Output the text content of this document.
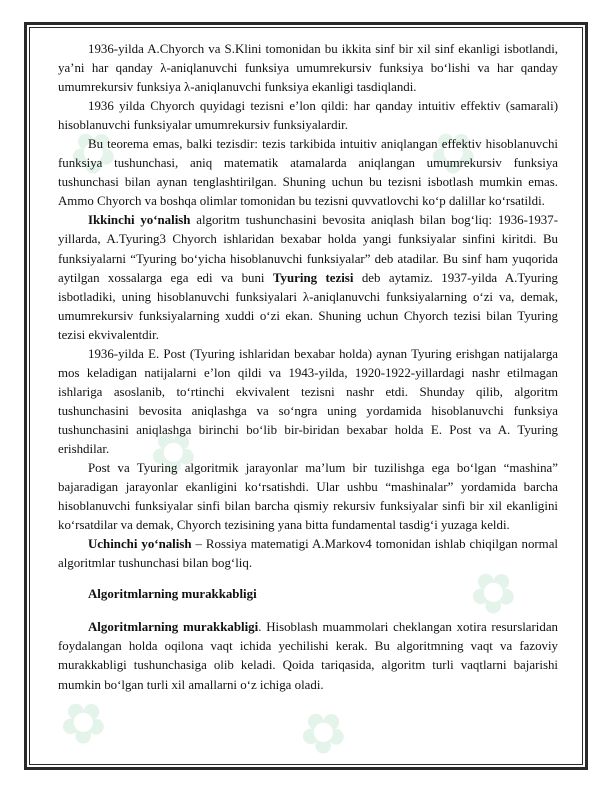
✿	✿
✿
✿
✿	✿

1936-yilda A.Chyorch va S.Klini tomonidan bu ikkita sinf bir xil sinf ekanligi isbotlandi, ya’ni har qanday λ-aniqlanuvchi funksiya umumrekursiv funksiya bo‘lishi va har qanday umumrekursiv funksiya λ-aniqlanuvchi funksiya ekanligi tasdiqlandi.

1936 yilda Chyorch quyidagi tezisni e’lon qildi: har qanday intuitiv effektiv (samarali) hisoblanuvchi funksiyalar umumrekursiv funksiyalardir.

Bu teorema emas, balki tezisdir: tezis tarkibida intuitiv aniqlangan effektiv hisoblanuvchi funksiya tushunchasi, aniq matematik atamalarda aniqlangan umumrekursiv funksiya tushunchasi bilan aynan tenglashtirilgan. Shuning uchun bu tezisni isbotlash mumkin emas. Ammo Chyorch va boshqa olimlar tomonidan bu tezisni quvvatlovchi ko‘p dalillar ko‘rsatildi.

Ikkinchi yo‘nalish algoritm tushunchasini bevosita aniqlash bilan bog‘liq: 1936-1937-yillarda, A.Tyuring3 Chyorch ishlaridan bexabar holda yangi funksiyalar sinfini kiritdi. Bu funksiyalarni “Tyuring bo‘yicha hisoblanuvchi funksiyalar” deb atadilar. Bu sinf ham yuqorida aytilgan xossalarga ega edi va buni Tyuring tezisi deb aytamiz. 1937-yilda A.Tyuring isbotladiki, uning hisoblanuvchi funksiyalari λ-aniqlanuvchi funksiyalarning o‘zi va, demak, umumrekursiv funksiyalarning xuddi o‘zi ekan. Shuning uchun Chyorch tezisi bilan Tyuring tezisi ekvivalentdir.

1936-yilda E. Post (Tyuring ishlaridan bexabar holda) aynan Tyuring erishgan natijalarga mos keladigan natijalarni e’lon qildi va 1943-yilda, 1920-1922-yillardagi nashr etilmagan ishlariga asoslanib, to‘rtinchi ekvivalent tezisni nashr etdi. Shunday qilib, algoritm tushunchasini bevosita aniqlashga va so‘ngra uning yordamida hisoblanuvchi funksiya tushunchasini aniqlashga birinchi bo‘lib bir-biridan bexabar holda E. Post va A. Tyuring erishdilar.

Post va Tyuring algoritmik jarayonlar ma’lum bir tuzilishga ega bo‘lgan “mashina” bajaradigan jarayonlar ekanligini ko‘rsatishdi. Ular ushbu “mashinalar” yordamida barcha hisoblanuvchi funksiyalar sinfi bilan barcha qismiy rekursiv funksiyalar sinfi bir xil ekanligini ko‘rsatdilar va demak, Chyorch tezisining yana bitta fundamental tasdig‘i yuzaga keldi.

Uchinchi yo‘nalish – Rossiya matematigi A.Markov4 tomonidan ishlab chiqilgan normal algoritmlar tushunchasi bilan bog‘liq.

Algoritmlarning murakkabligi

Algoritmlarning murakkabligi. Hisoblash muammolari cheklangan xotira resurslaridan foydalangan holda oqilona vaqt ichida yechilishi kerak. Bu algoritmning vaqt va fazoviy murakkabligi tushunchasiga olib keladi. Qoida tariqasida, algoritm turli vaqtlarni bajarishi mumkin bo‘lgan turli xil amallarni o‘z ichiga oladi.
